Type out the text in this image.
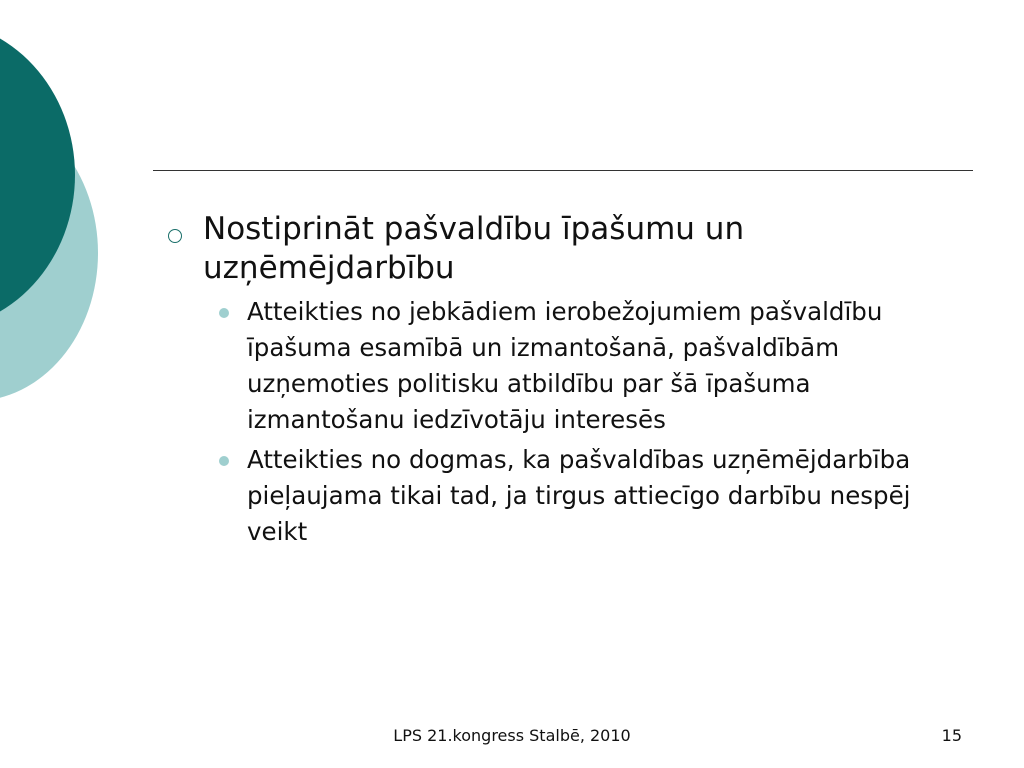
Nostiprināt pašvaldību īpašumu un uzņēmējdarbību
Atteikties no jebkādiem ierobežojumiem pašvaldību īpašuma esamībā un izmantošanā, pašvaldībām uzņemoties politisku atbildību par šā īpašuma izmantošanu iedzīvotāju interesēs
Atteikties no dogmas, ka pašvaldības uzņēmējdarbība pieļaujama tikai tad, ja tirgus attiecīgo darbību nespēj veikt
LPS 21.kongress Stalbē, 2010	15
